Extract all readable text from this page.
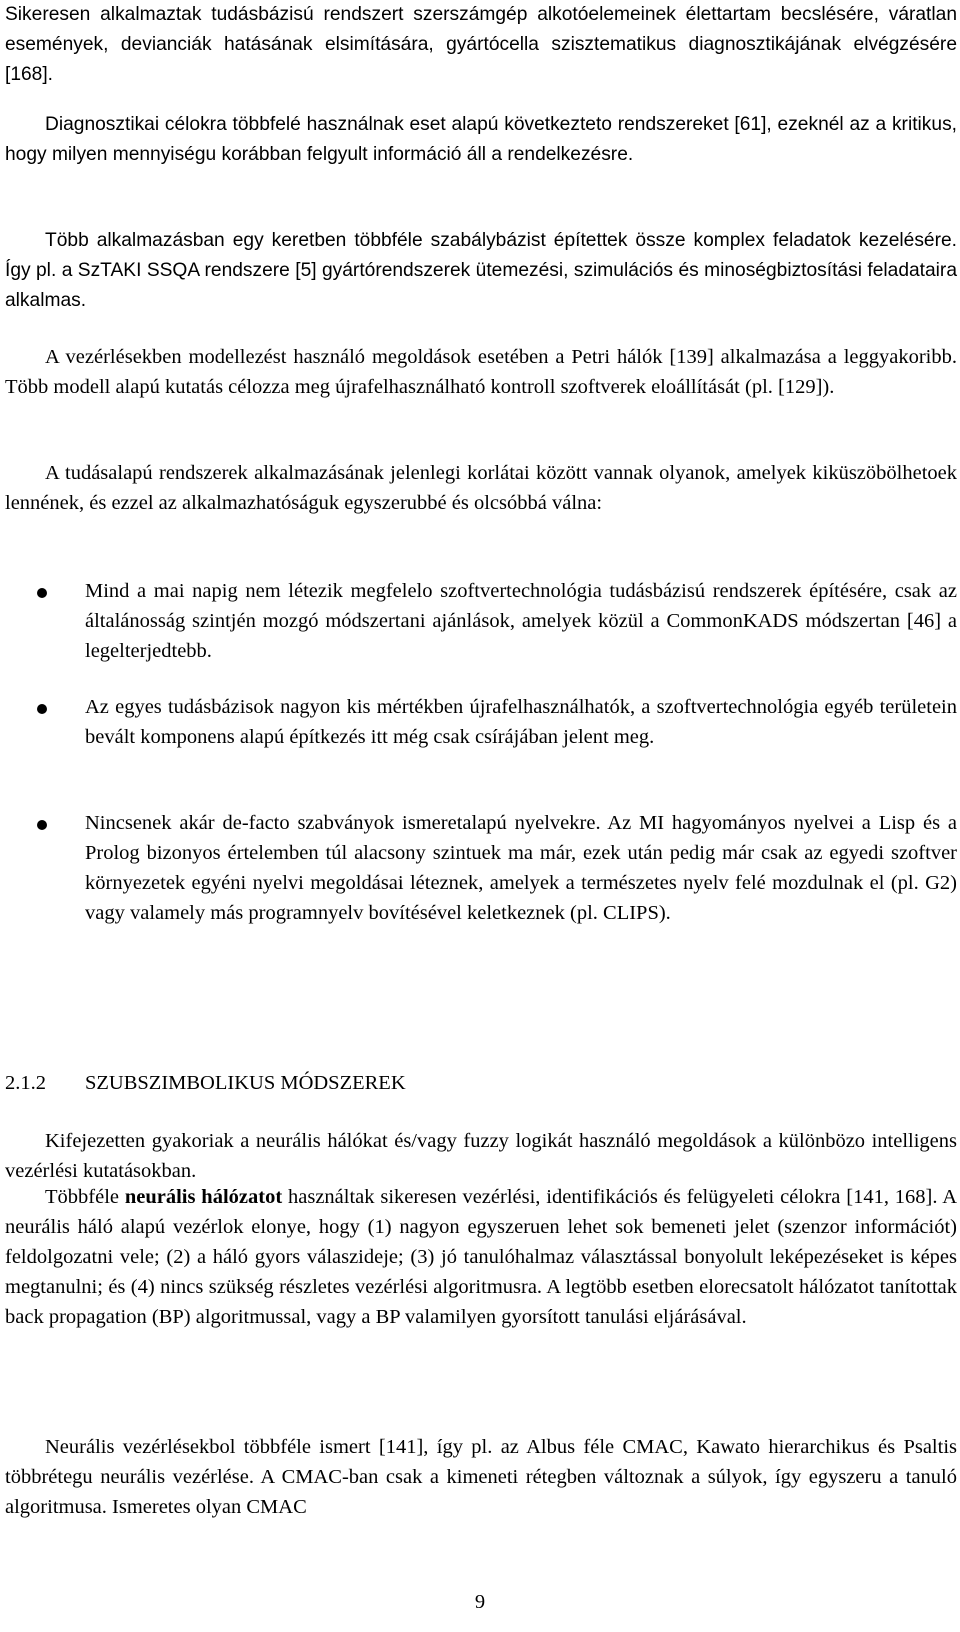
Sikeresen alkalmaztak tudásbázisú rendszert szerszámgép alkotóelemeinek élettartam becslésére, váratlan események, devianciák hatásának elsimítására, gyártócella szisztematikus diagnosztikájának elvégzésére [168].

Diagnosztikai célokra többfelé használnak eset alapú következteto rendszereket [61], ezeknél az a kritikus, hogy milyen mennyiségu korábban felgyult információ áll a rendelkezésre.

Több alkalmazásban egy keretben többféle szabálybázist építettek össze komplex feladatok kezelésére. Így pl. a SzTAKI SSQA rendszere [5] gyártórendszerek ütemezési, szimulációs és minoségbiztosítási feladataira alkalmas.

A vezérlésekben modellezést használó megoldások esetében a Petri hálók [139] alkalmazása a leggyakoribb. Több modell alapú kutatás célozza meg újrafelhasználható kontroll szoftverek eloállítását (pl. [129]).

A tudásalapú rendszerek alkalmazásának jelenlegi korlátai között vannak olyanok, amelyek kiküszöbölhetoek lennének, és ezzel az alkalmazhatóságuk egyszerubbé és olcsóbbá válna:

Mind a mai napig nem létezik megfelelo szoftvertechnológia tudásbázisú rendszerek építésére, csak az általánosság szintjén mozgó módszertani ajánlások, amelyek közül a CommonKADS módszertan [46] a legelterjedtebb.

Az egyes tudásbázisok nagyon kis mértékben újrafelhasználhatók, a szoftvertechnológia egyéb területein bevált komponens alapú építkezés itt még csak csírájában jelent meg.

Nincsenek akár de-facto szabványok ismeretalapú nyelvekre. Az MI hagyományos nyelvei a Lisp és a Prolog bizonyos értelemben túl alacsony szintuek ma már, ezek után pedig már csak az egyedi szoftver környezetek egyéni nyelvi megoldásai léteznek, amelyek a természetes nyelv felé mozdulnak el (pl. G2) vagy valamely más programnyelv bovítésével keletkeznek (pl. CLIPS).

2.1.2 SZUBSZIMBOLIKUS MÓDSZEREK

Kifejezetten gyakoriak a neurális hálókat és/vagy fuzzy logikát használó megoldások a különbözo intelligens vezérlési kutatásokban.

Többféle neurális hálózatot használtak sikeresen vezérlési, identifikációs és felügyeleti célokra [141, 168]. A neurális háló alapú vezérlok elonye, hogy (1) nagyon egyszeruen lehet sok bemeneti jelet (szenzor információt) feldolgozatni vele; (2) a háló gyors válaszideje; (3) jó tanulóhalmaz választással bonyolult leképezéseket is képes megtanulni; és (4) nincs szükség részletes vezérlési algoritmusra. A legtöbb esetben elorecsatolt hálózatot tanítottak back propagation (BP) algoritmussal, vagy a BP valamilyen gyorsított tanulási eljárásával.

Neurális vezérlésekbol többféle ismert [141], így pl. az Albus féle CMAC, Kawato hierarchikus és Psaltis többrétegu neurális vezérlése. A CMAC-ban csak a kimeneti rétegben változnak a súlyok, így egyszeru a tanuló algoritmusa. Ismeretes olyan CMAC

9
